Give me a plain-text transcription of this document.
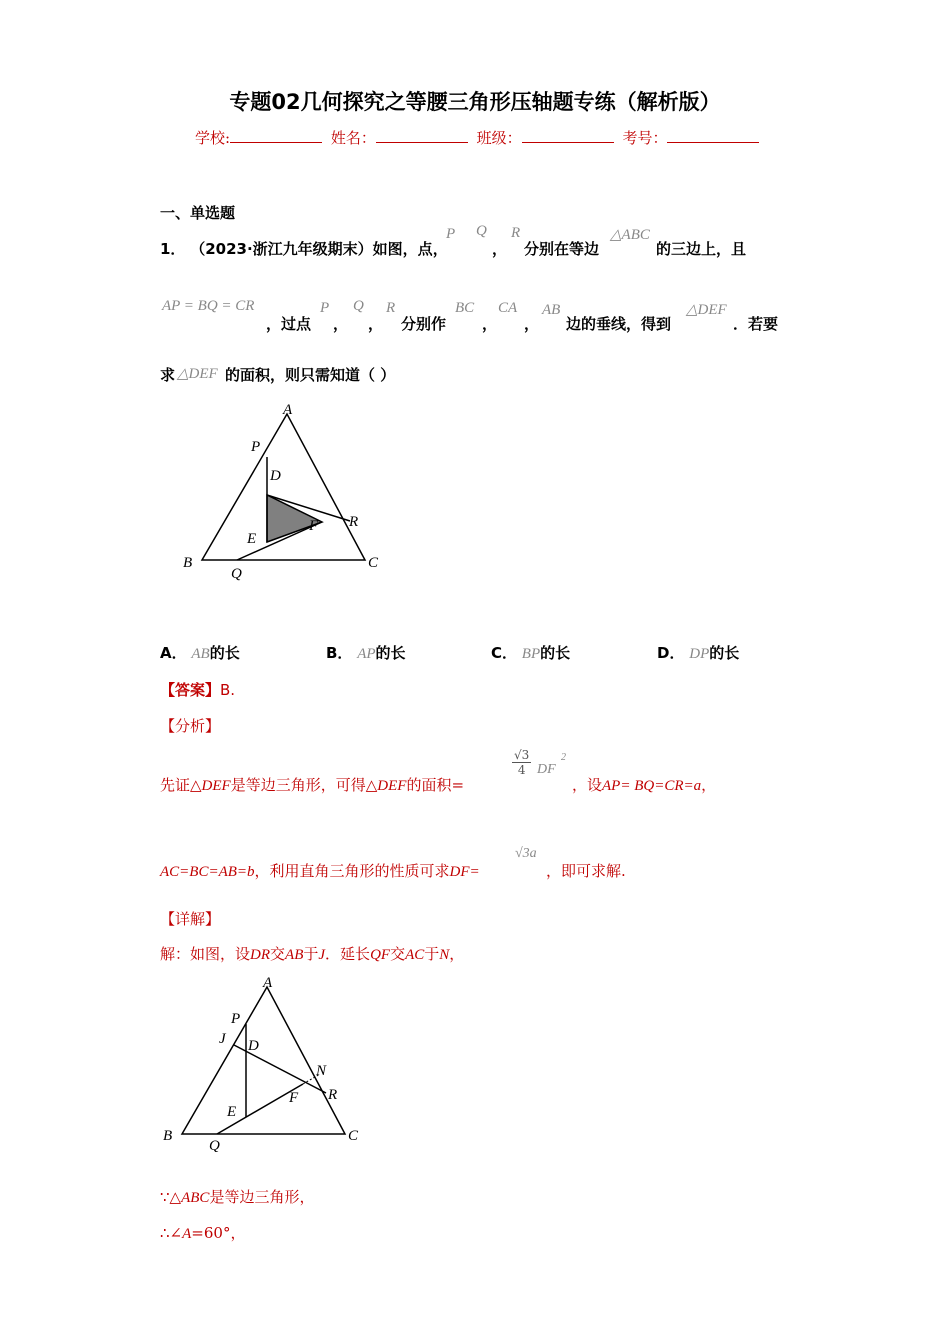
专题02几何探究之等腰三角形压轴题专练（解析版）
学校:	姓名：	班级：	考号：
一、单选题
1． （2023·浙江九年级期末）如图，点，
P Q
，
R
分别在等边
△ABC
的三边上，且
AP = BQ = CR
，过点
P
，
Q
，
R
分别作
BC
，
CA
，
AB
边的垂线，得到
△DEF
．若要
求 △DEF 的面积，则只需知道（ ）
A
B	C
P
Q
R
D
E
F
A． AB的长	B． AP的长	C． BP的长	D． DP的长
【答案】B.
【分析】
先证△DEF是等边三角形，可得△DEF的面积=
$\frac{√3}{4}$ DF
2
，设AP= BQ=CR=a，
AC=BC=AB=b，利用直角三角形的性质可求DF=
√3a
，即可求解.
【详解】
解：如图，设DR交AB于J．延长QF交AC于N，
A
B	C
P
Q
R
D
E
F
J
N
∵△ABC是等边三角形，
∴∠A=60°，
